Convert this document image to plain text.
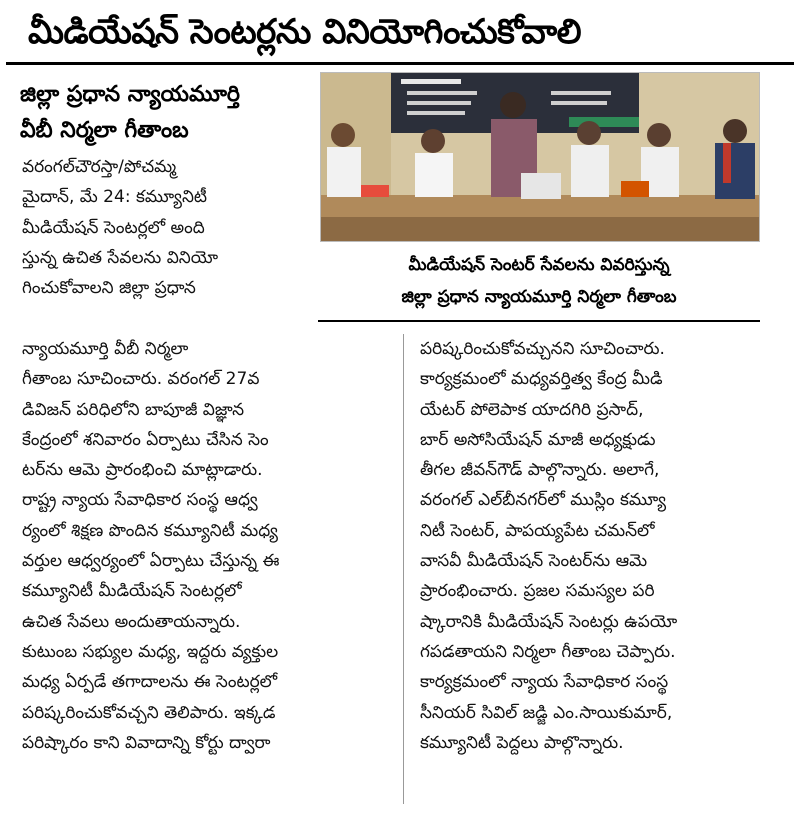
మీడియేషన్ సెంటర్లను వినియోగించుకోవాలి
జిల్లా ప్రధాన న్యాయమూర్తి
వీబీ నిర్మలా గీతాంబ
మీడియేషన్ సెంటర్ సేవలను వివరిస్తున్న
జిల్లా ప్రధాన న్యాయమూర్తి నిర్మలా గీతాంబ
వరంగల్‌చౌరస్తా/పోచమ్మ
మైదాన్, మే 24: కమ్యూనిటీ
మీడియేషన్ సెంటర్లలో అంది
స్తున్న ఉచిత సేవలను వినియో
గించుకోవాలని జిల్లా ప్రధాన
న్యాయమూర్తి వీబీ నిర్మలా
గీతాంబ సూచించారు. వరంగల్ 27వ
డివిజన్ పరిధిలోని బాపూజీ విజ్ఞాన
కేంద్రంలో శనివారం ఏర్పాటు చేసిన సెం
టర్‌ను ఆమె ప్రారంభించి మాట్లాడారు.
రాష్ట్ర న్యాయ సేవాధికార సంస్థ ఆధ్వ
ర్యంలో శిక్షణ పొందిన కమ్యూనిటీ మధ్య
వర్తుల ఆధ్వర్యంలో ఏర్పాటు చేస్తున్న ఈ
కమ్యూనిటీ మీడియేషన్ సెంటర్లలో
ఉచిత సేవలు అందుతాయన్నారు.
కుటుంబ సభ్యుల మధ్య, ఇద్దరు వ్యక్తుల
మధ్య ఏర్పడే తగాదాలను ఈ సెంటర్లలో
పరిష్కరించుకోవచ్చని తెలిపారు. ఇక్కడ
పరిష్కారం కాని వివాదాన్ని కోర్టు ద్వారా
పరిష్కరించుకోవచ్చునని సూచించారు.
కార్యక్రమంలో మధ్యవర్తిత్వ కేంద్ర మీడి
యేటర్ పోలెపాక యాదగిరి ప్రసాద్,
బార్ అసోసియేషన్ మాజీ అధ్యక్షుడు
తీగల జీవన్‌గౌడ్ పాల్గొన్నారు. అలాగే,
వరంగల్ ఎల్‌బీనగర్‌లో ముస్లిం కమ్యూ
నిటీ సెంటర్, పాపయ్యపేట చమన్‌లో
వాసవీ మీడియేషన్ సెంటర్‌ను ఆమె
ప్రారంభించారు. ప్రజల సమస్యల పరి
ష్కారానికి మీడియేషన్ సెంటర్లు ఉపయో
గపడతాయని నిర్మలా గీతాంబ చెప్పారు.
కార్యక్రమంలో న్యాయ సేవాధికార సంస్థ
సీనియర్ సివిల్ జడ్జి ఎం.సాయికుమార్,
కమ్యూనిటీ పెద్దలు పాల్గొన్నారు.
